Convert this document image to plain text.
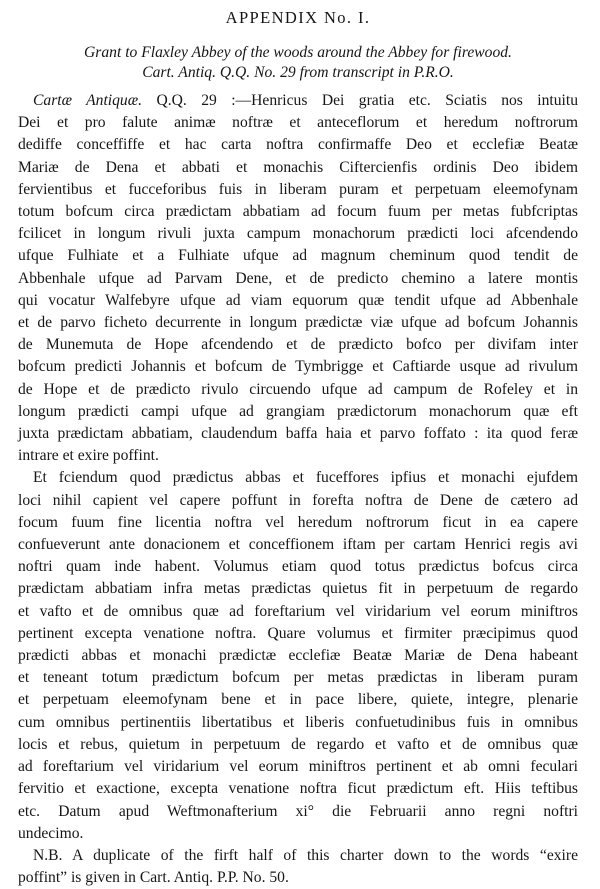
APPENDIX No. I.

Grant to Flaxley Abbey of the woods around the Abbey for firewood.

Cart. Antiq. Q.Q. No. 29 from transcript in P.R.O.

Cartæ Antiquæ. Q.Q. 29 :—Henricus Dei gratia etc. Sciatis nos intuitu
Dei et pro falute animæ noftræ et anteceflorum et heredum noftrorum
dediffe conceffiffe et hac carta noftra confirmaffe Deo et ecclefiæ Beatæ
Mariæ de Dena et abbati et monachis Ciftercienfis ordinis Deo ibidem
fervientibus et fucceforibus fuis in liberam puram et perpetuam eleemofynam
totum bofcum circa prædictam abbatiam ad focum fuum per metas fubfcriptas
fcilicet in longum rivuli juxta campum monachorum prædicti loci afcendendo
ufque Fulhiate et a Fulhiate ufque ad magnum cheminum quod tendit de
Abbenhale ufque ad Parvam Dene, et de predicto chemino a latere montis
qui vocatur Walfebyre ufque ad viam equorum quæ tendit ufque ad Abbenhale
et de parvo ficheto decurrente in longum prædictæ viæ ufque ad bofcum Johannis
de Munemuta de Hope afcendendo et de prædicto bofco per divifam inter
bofcum predicti Johannis et bofcum de Tymbrigge et Caftiarde usque ad rivulum
de Hope et de prædicto rivulo circuendo ufque ad campum de Rofeley et in
longum prædicti campi ufque ad grangiam prædictorum monachorum quæ eft
juxta prædictam abbatiam, claudendum baffa haia et parvo foffato : ita quod feræ
intrare et exire poffint.
Et fciendum quod prædictus abbas et fuceffores ipfius et monachi ejufdem
loci nihil capient vel capere poffunt in forefta noftra de Dene de cætero ad
focum fuum fine licentia noftra vel heredum noftrorum ficut in ea capere
confueverunt ante donacionem et conceffionem iftam per cartam Henrici regis avi
noftri quam inde habent. Volumus etiam quod totus prædictus bofcus circa
prædictam abbatiam infra metas prædictas quietus fit in perpetuum de regardo
et vafto et de omnibus quæ ad foreftarium vel viridarium vel eorum miniftros
pertinent excepta venatione noftra. Quare volumus et firmiter præcipimus quod
prædicti abbas et monachi prædictæ ecclefiæ Beatæ Mariæ de Dena habeant
et teneant totum prædictum bofcum per metas prædictas in liberam puram
et perpetuam eleemofynam bene et in pace libere, quiete, integre, plenarie
cum omnibus pertinentiis libertatibus et liberis confuetudinibus fuis in omnibus
locis et rebus, quietum in perpetuum de regardo et vafto et de omnibus quæ
ad foreftarium vel viridarium vel eorum miniftros pertinent et ab omni feculari
fervitio et exactione, excepta venatione noftra ficut prædictum eft. Hiis teftibus
etc. Datum apud Weftmonafterium xi° die Februarii anno regni noftri
undecimo.
N.B. A duplicate of the firft half of this charter down to the words “exire
poffint” is given in Cart. Antiq. P.P. No. 50.
